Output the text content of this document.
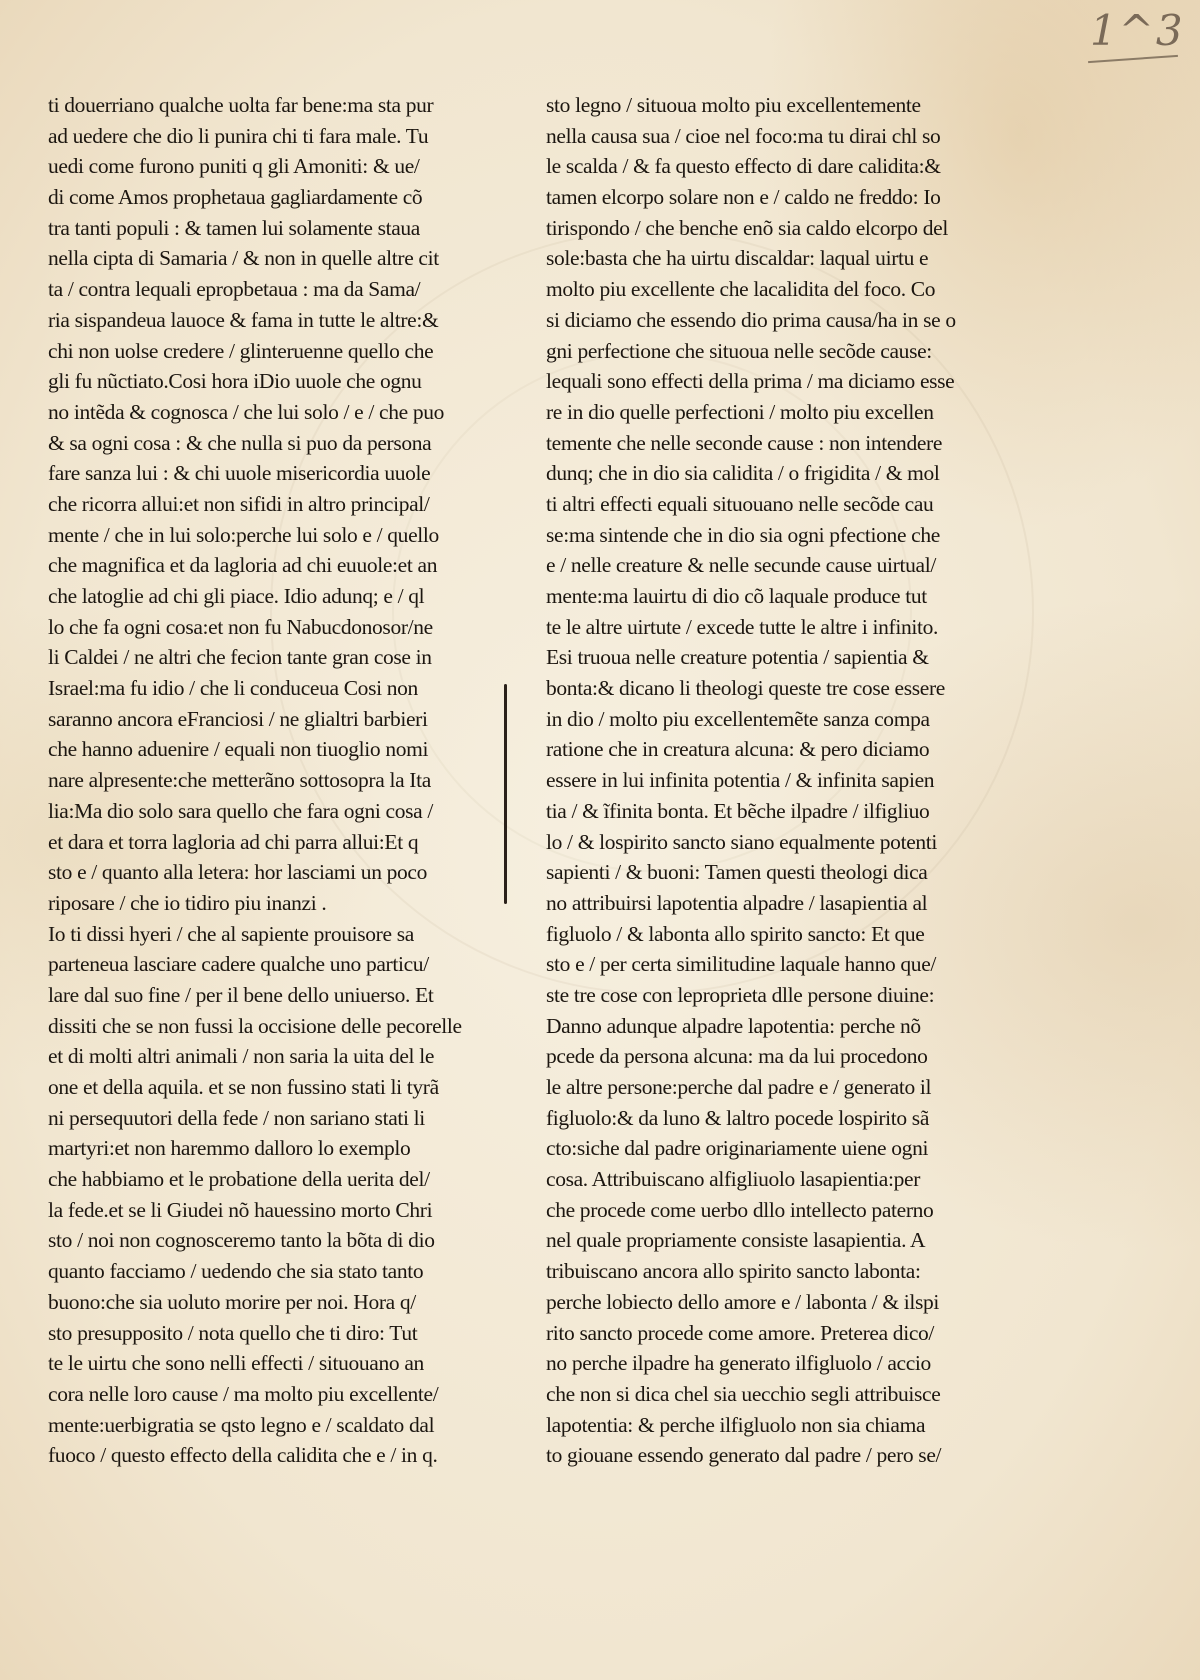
1^3
ti douerriano qualche uolta far bene:ma sta pur
ad uedere che dio li punira chi ti fara male. Tu
uedi come furono puniti q gli Amoniti: & ue/
di come Amos prophetaua gagliardamente cõ
tra tanti populi : & tamen lui solamente staua
nella cipta di Samaria / & non in quelle altre cit
ta / contra lequali epropbetaua : ma da Sama/
ria sispandeua lauoce & fama in tutte le altre:&
chi non uolse credere / glinteruenne quello che
gli fu nũctiato.Cosi hora iDio uuole che ognu
no intẽda & cognosca / che lui solo / e / che puo
& sa ogni cosa : & che nulla si puo da persona
fare sanza lui : & chi uuole misericordia uuole
che ricorra allui:et non sifidi in altro principal/
mente / che in lui solo:perche lui solo e / quello
che magnifica et da lagloria ad chi euuole:et an
che latoglie ad chi gli piace. Idio adunq; e / ql
lo che fa ogni cosa:et non fu Nabucdonosor/ne
li Caldei / ne altri che fecion tante gran cose in
Israel:ma fu idio / che li conduceua Cosi non
saranno ancora eFranciosi / ne glialtri barbieri
che hanno aduenire / equali non tiuoglio nomi
nare alpresente:che metterãno sottosopra la Ita
lia:Ma dio solo sara quello che fara ogni cosa /
et dara et torra lagloria ad chi parra allui:Et q
sto e / quanto alla letera: hor lasciami un poco
riposare / che io tidiro piu inanzi .
Io ti dissi hyeri / che al sapiente prouisore sa
parteneua lasciare cadere qualche uno particu/
lare dal suo fine / per il bene dello uniuerso. Et
dissiti che se non fussi la occisione delle pecorelle
et di molti altri animali / non saria la uita del le
one et della aquila. et se non fussino stati li tyrã
ni persequutori della fede / non sariano stati li
martyri:et non haremmo dalloro lo exemplo
che habbiamo et le probatione della uerita del/
la fede.et se li Giudei nõ hauessino morto Chri
sto / noi non cognosceremo tanto la bõta di dio
quanto facciamo / uedendo che sia stato tanto
buono:che sia uoluto morire per noi. Hora q/
sto presupposito / nota quello che ti diro: Tut
te le uirtu che sono nelli effecti / situouano an
cora nelle loro cause / ma molto piu excellente/
mente:uerbigratia se qsto legno e / scaldato dal
fuoco / questo effecto della calidita che e / in q.
sto legno / situoua molto piu excellentemente
nella causa sua / cioe nel foco:ma tu dirai chl so
le scalda / & fa questo effecto di dare calidita:&
tamen elcorpo solare non e / caldo ne freddo: Io
tirispondo / che benche enõ sia caldo elcorpo del
sole:basta che ha uirtu discaldar: laqual uirtu e
molto piu excellente che lacalidita del foco. Co
si diciamo che essendo dio prima causa/ha in se o
gni perfectione che situoua nelle secõde cause:
lequali sono effecti della prima / ma diciamo esse
re in dio quelle perfectioni / molto piu excellen
temente che nelle seconde cause : non intendere
dunq; che in dio sia calidita / o frigidita / & mol
ti altri effecti equali situouano nelle secõde cau
se:ma sintende che in dio sia ogni pfectione che
e / nelle creature & nelle secunde cause uirtual/
mente:ma lauirtu di dio cõ laquale produce tut
te le altre uirtute / excede tutte le altre i infinito.
Esi truoua nelle creature potentia / sapientia &
bonta:& dicano li theologi queste tre cose essere
in dio / molto piu excellentemẽte sanza compa
ratione che in creatura alcuna: & pero diciamo
essere in lui infinita potentia / & infinita sapien
tia / & ĩfinita bonta. Et bẽche ilpadre / ilfigliuo
lo / & lospirito sancto siano equalmente potenti
sapienti / & buoni: Tamen questi theologi dica
no attribuirsi lapotentia alpadre / lasapientia al
figluolo / & labonta allo spirito sancto: Et que
sto e / per certa similitudine laquale hanno que/
ste tre cose con leproprieta dlle persone diuine:
Danno adunque alpadre lapotentia: perche nõ
pcede da persona alcuna: ma da lui procedono
le altre persone:perche dal padre e / generato il
figluolo:& da luno & laltro pocede lospirito sã
cto:siche dal padre originariamente uiene ogni
cosa. Attribuiscano alfigliuolo lasapientia:per
che procede come uerbo dllo intellecto paterno
nel quale propriamente consiste lasapientia. A
tribuiscano ancora allo spirito sancto labonta:
perche lobiecto dello amore e / labonta / & ilspi
rito sancto procede come amore. Preterea dico/
no perche ilpadre ha generato ilfigluolo / accio
che non si dica chel sia uecchio segli attribuisce
lapotentia: & perche ilfigluolo non sia chiama
to giouane essendo generato dal padre / pero se/
